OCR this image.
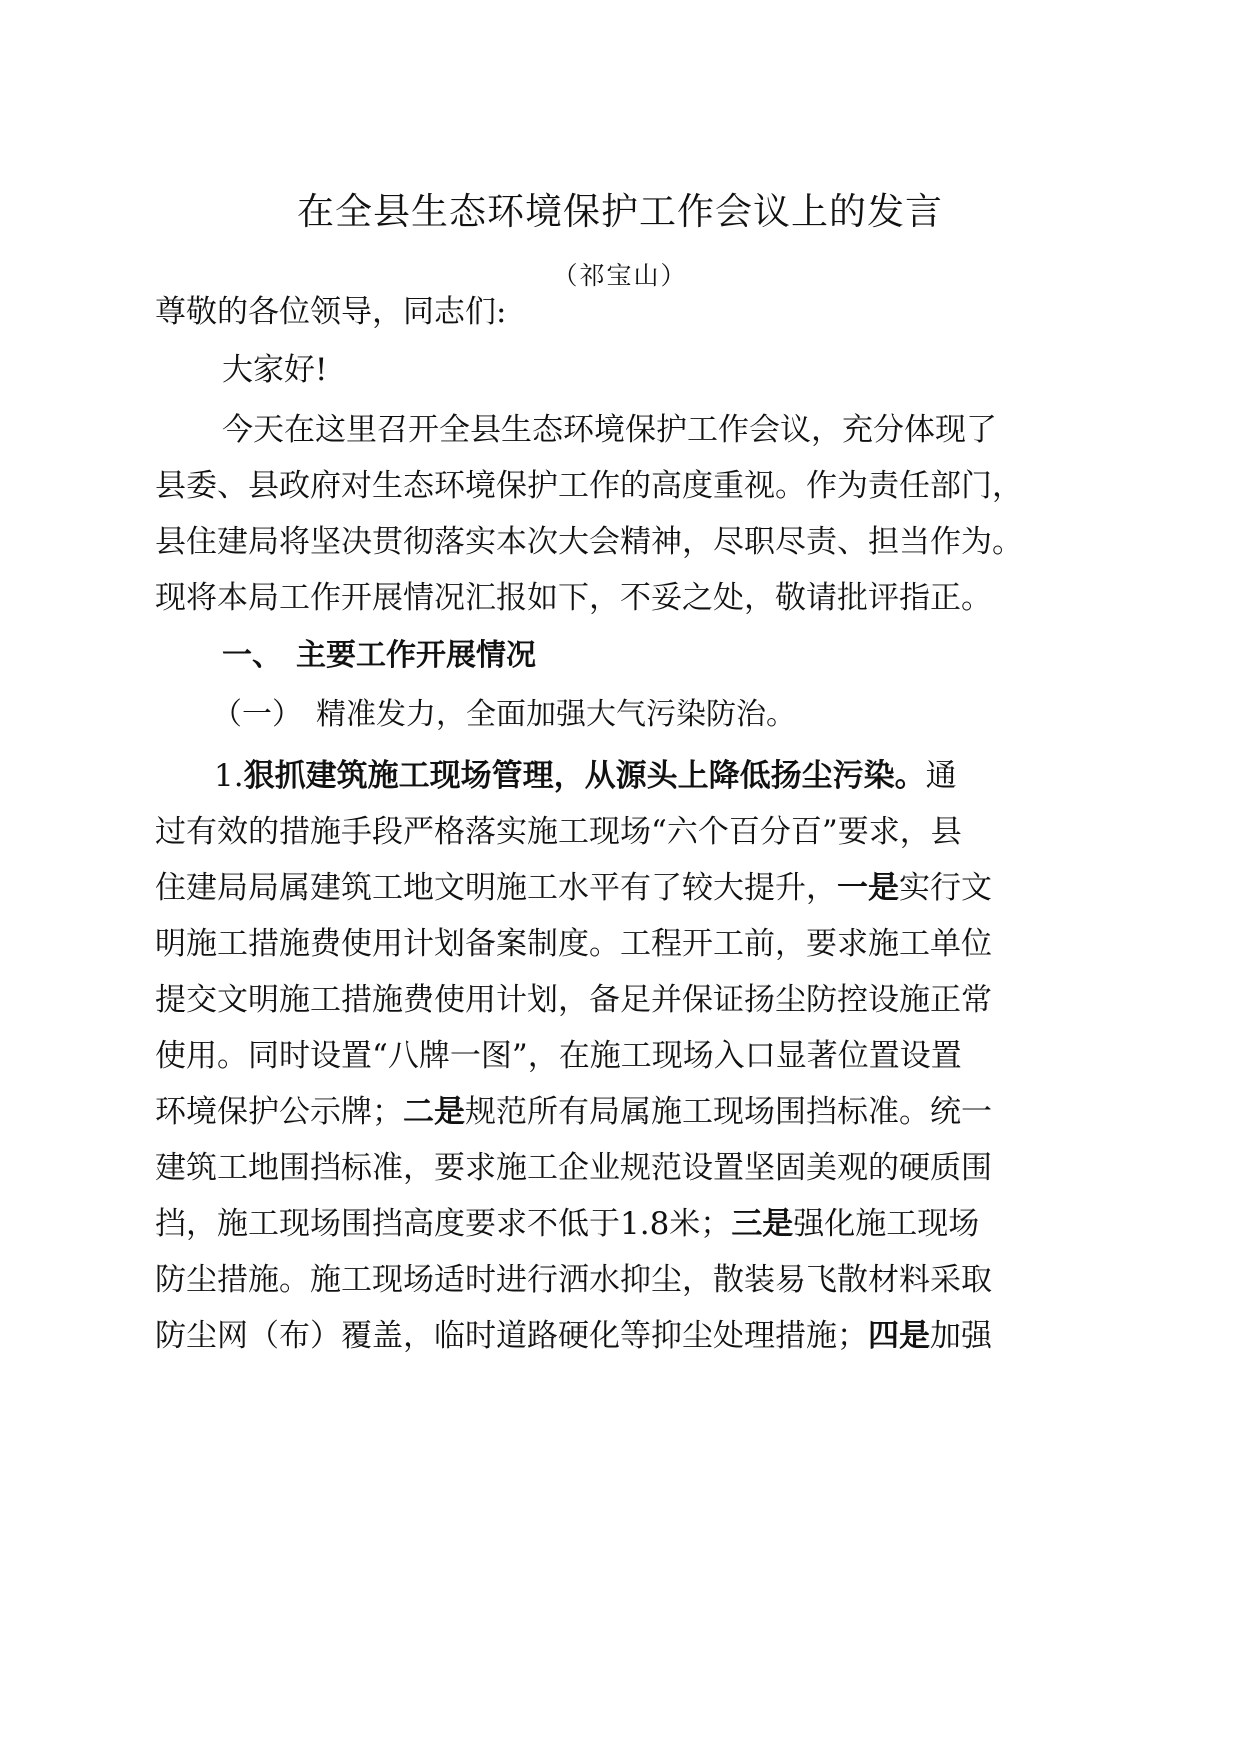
在全县生态环境保护工作会议上的发言
（祁宝山）
尊敬的各位领导，同志们:
大家好!
今天在这里召开全县生态环境保护工作会议，充分体现了
县委、县政府对生态环境保护工作的高度重视。作为责任部门，
县住建局将坚决贯彻落实本次大会精神，尽职尽责、担当作为。
现将本局工作开展情况汇报如下，不妥之处，敬请批评指正。
一、 主要工作开展情况
（一） 精准发力，全面加强大气污染防治。
1.狠抓建筑施工现场管理，从源头上降低扬尘污染。通
过有效的措施手段严格落实施工现场“六个百分百”要求，县
住建局局属建筑工地文明施工水平有了较大提升，一是实行文
明施工措施费使用计划备案制度。工程开工前，要求施工单位
提交文明施工措施费使用计划，备足并保证扬尘防控设施正常
使用。同时设置“八牌一图”，在施工现场入口显著位置设置
环境保护公示牌；二是规范所有局属施工现场围挡标准。统一
建筑工地围挡标准，要求施工企业规范设置坚固美观的硬质围
挡，施工现场围挡高度要求不低于1.8米；三是强化施工现场
防尘措施。施工现场适时进行洒水抑尘，散装易飞散材料采取
防尘网（布）覆盖，临时道路硬化等抑尘处理措施；四是加强
